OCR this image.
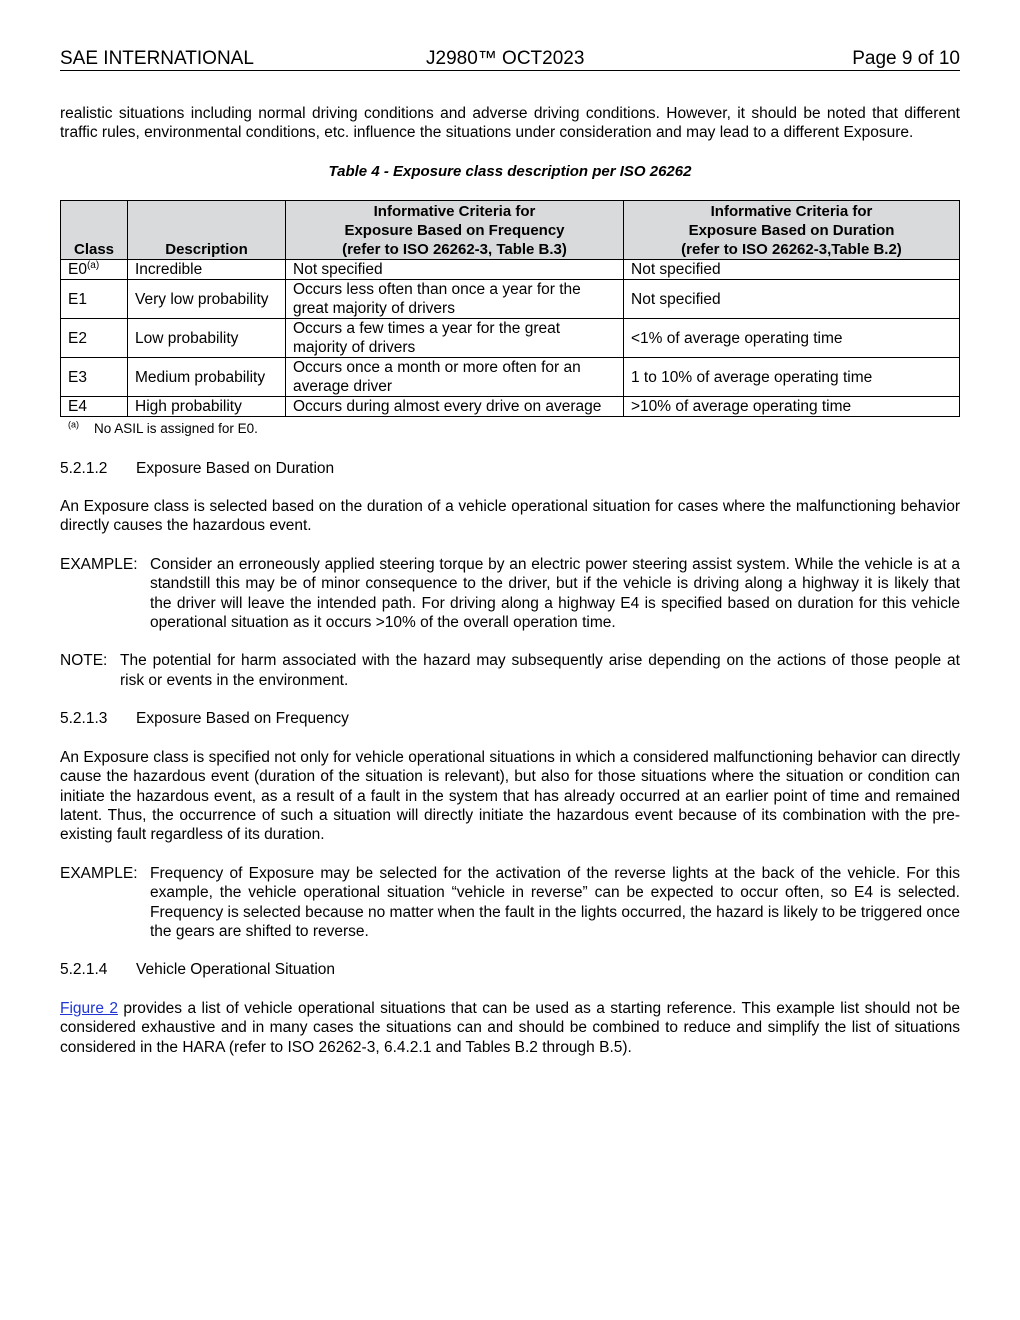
SAE INTERNATIONAL	J2980™ OCT2023	Page 9 of 10

realistic situations including normal driving conditions and adverse driving conditions. However, it should be noted that different traffic rules, environmental conditions, etc. influence the situations under consideration and may lead to a different Exposure.

Table 4 - Exposure class description per ISO 26262
Class	Description	Informative Criteria for
Exposure Based on Frequency
(refer to ISO 26262-3, Table B.3)	Informative Criteria for
Exposure Based on Duration
(refer to ISO 26262-3,Table B.2)

E0$^{(a)}$	Incredible	Not specified	Not specified
E1	Very low probability	Occurs less often than once a year for the great majority of drivers	Not specified
E2	Low probability	Occurs a few times a year for the great majority of drivers	<1% of average operating time
E3	Medium probability	Occurs once a month or more often for an average driver	1 to 10% of average operating time
E4	High probability	Occurs during almost every drive on average	>10% of average operating time
$^{(a)}$ No ASIL is assigned for E0.
5.2.1.2 Exposure Based on Duration

An Exposure class is selected based on the duration of a vehicle operational situation for cases where the malfunctioning behavior directly causes the hazardous event.

EXAMPLE: Consider an erroneously applied steering torque by an electric power steering assist system. While the vehicle is at a standstill this may be of minor consequence to the driver, but if the vehicle is driving along a highway it is likely that the driver will leave the intended path. For driving along a highway E4 is specified based on duration for this vehicle operational situation as it occurs >10% of the overall operation time.
NOTE: The potential for harm associated with the hazard may subsequently arise depending on the actions of those people at risk or events in the environment.
5.2.1.3 Exposure Based on Frequency

An Exposure class is specified not only for vehicle operational situations in which a considered malfunctioning behavior can directly cause the hazardous event (duration of the situation is relevant), but also for those situations where the situation or condition can initiate the hazardous event, as a result of a fault in the system that has already occurred at an earlier point of time and remained latent. Thus, the occurrence of such a situation will directly initiate the hazardous event because of its combination with the pre-existing fault regardless of its duration.

EXAMPLE: Frequency of Exposure may be selected for the activation of the reverse lights at the back of the vehicle. For this example, the vehicle operational situation “vehicle in reverse” can be expected to occur often, so E4 is selected. Frequency is selected because no matter when the fault in the lights occurred, the hazard is likely to be triggered once the gears are shifted to reverse.
5.2.1.4 Vehicle Operational Situation

Figure 2 provides a list of vehicle operational situations that can be used as a starting reference. This example list should not be considered exhaustive and in many cases the situations can and should be combined to reduce and simplify the list of situations considered in the HARA (refer to ISO 26262-3, 6.4.2.1 and Tables B.2 through B.5).
